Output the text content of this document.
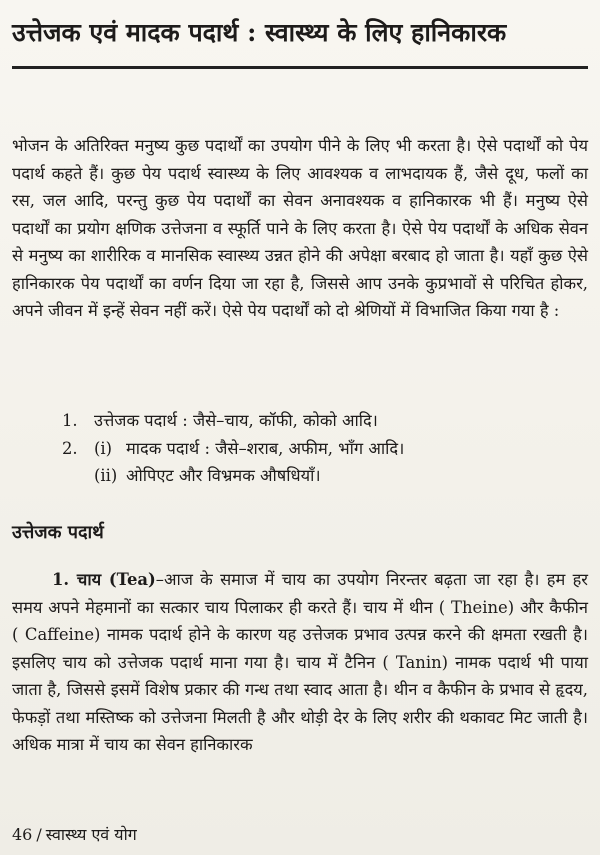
उत्तेजक एवं मादक पदार्थ : स्वास्थ्य के लिए हानिकारक

भोजन के अतिरिक्त मनुष्य कुछ पदार्थों का उपयोग पीने के लिए भी करता है। ऐसे पदार्थों को पेय पदार्थ कहते हैं। कुछ पेय पदार्थ स्वास्थ्य के लिए आवश्यक व लाभदायक हैं, जैसे दूध, फलों का रस, जल आदि, परन्तु कुछ पेय पदार्थों का सेवन अनावश्यक व हानिकारक भी हैं। मनुष्य ऐसे पदार्थों का प्रयोग क्षणिक उत्तेजना व स्फूर्ति पाने के लिए करता है। ऐसे पेय पदार्थों के अधिक सेवन से मनुष्य का शारीरिक व मानसिक स्वास्थ्य उन्नत होने की अपेक्षा बरबाद हो जाता है। यहाँ कुछ ऐसे हानिकारक पेय पदार्थों का वर्णन दिया जा रहा है, जिससे आप उनके कुप्रभावों से परिचित होकर, अपने जीवन में इन्हें सेवन नहीं करें। ऐसे पेय पदार्थों को दो श्रेणियों में विभाजित किया गया है :

1. उत्तेजक पदार्थ : जैसे–चाय, कॉफी, कोको आदि।
2. (i) मादक पदार्थ : जैसे–शराब, अफीम, भाँग आदि।
(ii) ओपिएट और विभ्रमक औषधियाँ।
उत्तेजक पदार्थ

1. चाय (Tea)–आज के समाज में चाय का उपयोग निरन्तर बढ़ता जा रहा है। हम हर समय अपने मेहमानों का सत्कार चाय पिलाकर ही करते हैं। चाय में थीन ( Theine) और कैफीन ( Caffeine) नामक पदार्थ होने के कारण यह उत्तेजक प्रभाव उत्पन्न करने की क्षमता रखती है। इसलिए चाय को उत्तेजक पदार्थ माना गया है। चाय में टैनिन ( Tanin) नामक पदार्थ भी पाया जाता है, जिससे इसमें विशेष प्रकार की गन्ध तथा स्वाद आता है। थीन व कैफीन के प्रभाव से हृदय, फेफड़ों तथा मस्तिष्क को उत्तेजना मिलती है और थोड़ी देर के लिए शरीर की थकावट मिट जाती है। अधिक मात्रा में चाय का सेवन हानिकारक

46 / स्वास्थ्य एवं योग
